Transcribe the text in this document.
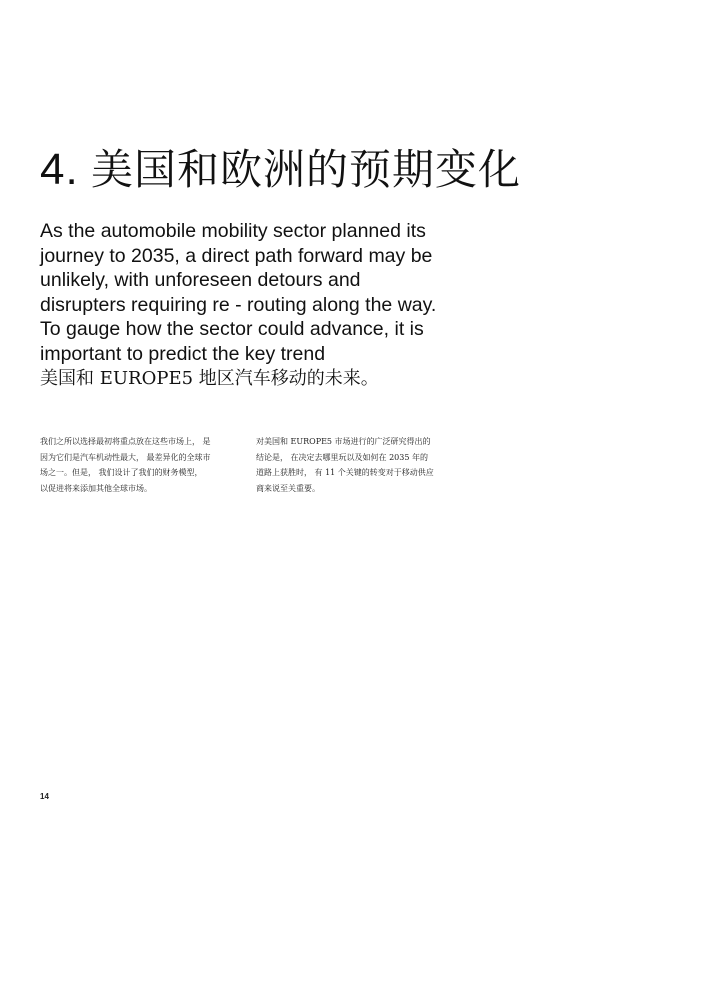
4. 美国和欧洲的预期变化
As the automobile mobility sector planned its
journey to 2035, a direct path forward may be
unlikely, with unforeseen detours and
disrupters requiring re - routing along the way.
To gauge how the sector could advance, it is
important to predict the key trend
美国和 EUROPE5 地区汽车移动的未来。
我们之所以选择最初将重点放在这些市场上， 是
因为它们是汽车机动性最大， 最差异化的全球市
场之一。但是， 我们设计了我们的财务模型，
以促进将来添加其他全球市场。
对美国和 EUROPE5 市场进行的广泛研究得出的
结论是， 在决定去哪里玩以及如何在 2035 年的
道路上获胜时， 有 11 个关键的转变对于移动供应
商来说至关重要。
14
